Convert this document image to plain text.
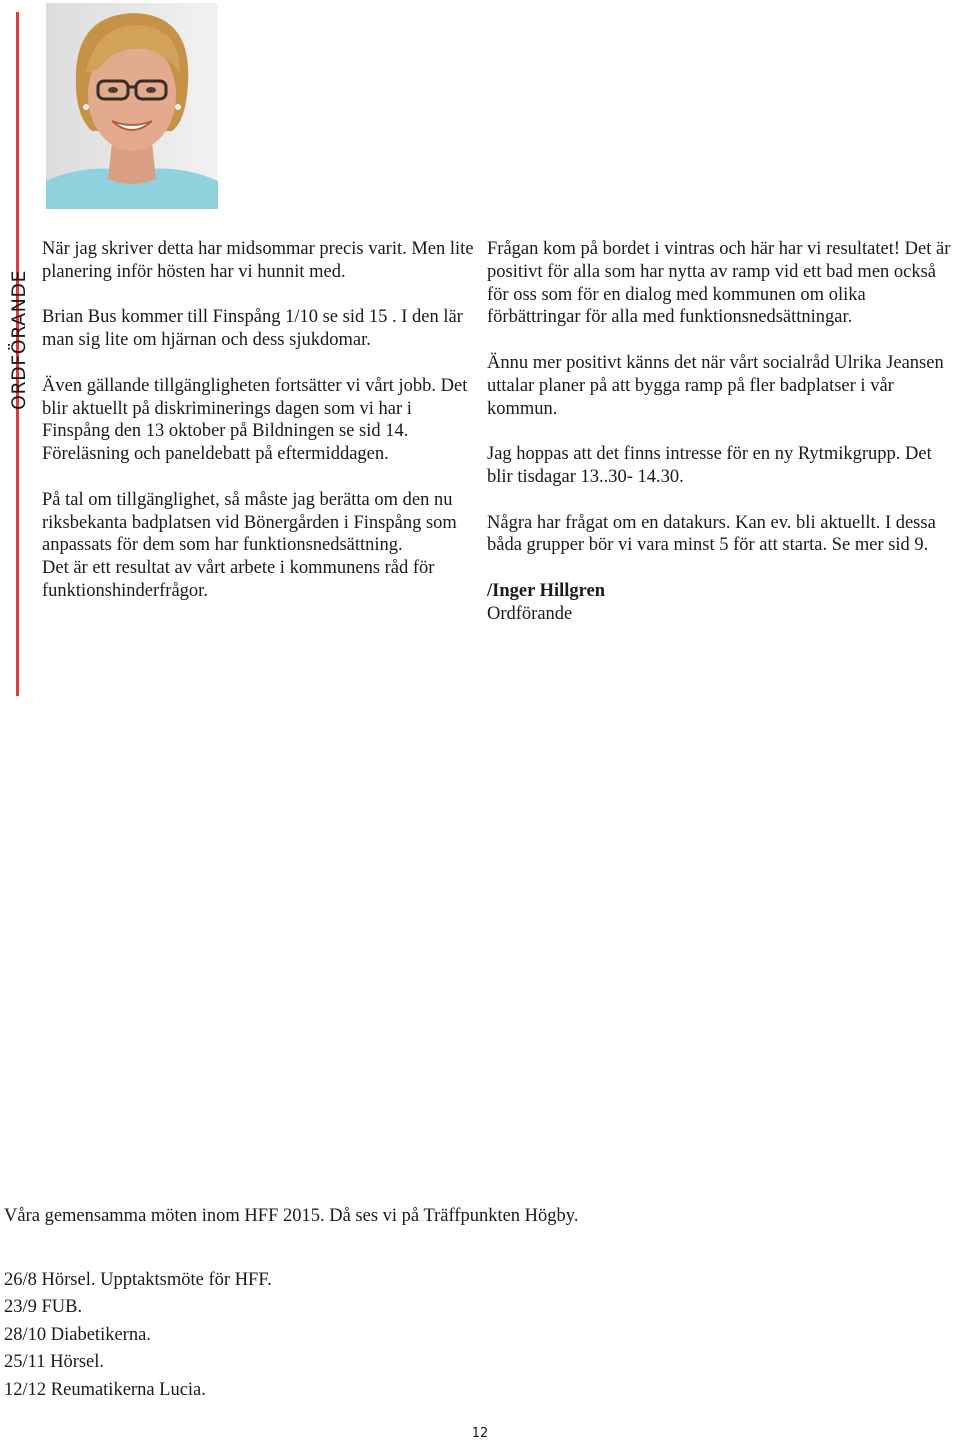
ORDFÖRANDE

När jag skriver detta har midsommar precis varit. Men lite planering inför hösten har vi hunnit med.

Brian Bus kommer till Finspång 1/10 se sid 15 . I den lär man sig lite om hjärnan och dess sjukdomar.

Även gällande tillgängligheten fortsätter vi vårt jobb. Det blir aktuellt på diskriminerings dagen som vi har i Finspång den 13 oktober på Bildningen se sid 14. Föreläsning och paneldebatt på eftermiddagen.

På tal om tillgänglighet, så måste jag berätta om den nu riksbekanta badplatsen vid Bönergården i Finspång som anpassats för dem som har funktionsnedsättning.

Det är ett resultat av vårt arbete i kommunens råd för funktionshinderfrågor.

Frågan kom på bordet i vintras och här har vi resultatet! Det är positivt för alla som har nytta av ramp vid ett bad men också för oss som för en dialog med kommunen om olika förbättringar för alla med funktionsnedsättningar.

Ännu mer positivt känns det när vårt socialråd Ulrika Jeansen uttalar planer på att bygga ramp på fler badplatser i vår kommun.

Jag hoppas att det finns intresse för en ny Rytmikgrupp. Det blir tisdagar 13..30- 14.30.

Några har frågat om en datakurs. Kan ev. bli aktuellt. I dessa båda grupper bör vi vara minst 5 för att starta. Se mer sid 9.

/Inger Hillgren

Ordförande

Våra gemensamma möten inom HFF 2015. Då ses vi på Träffpunkten Högby.

26/8 Hörsel. Upptaktsmöte för HFF.
23/9 FUB.
28/10 Diabetikerna.
25/11 Hörsel.
12/12 Reumatikerna Lucia.
12
